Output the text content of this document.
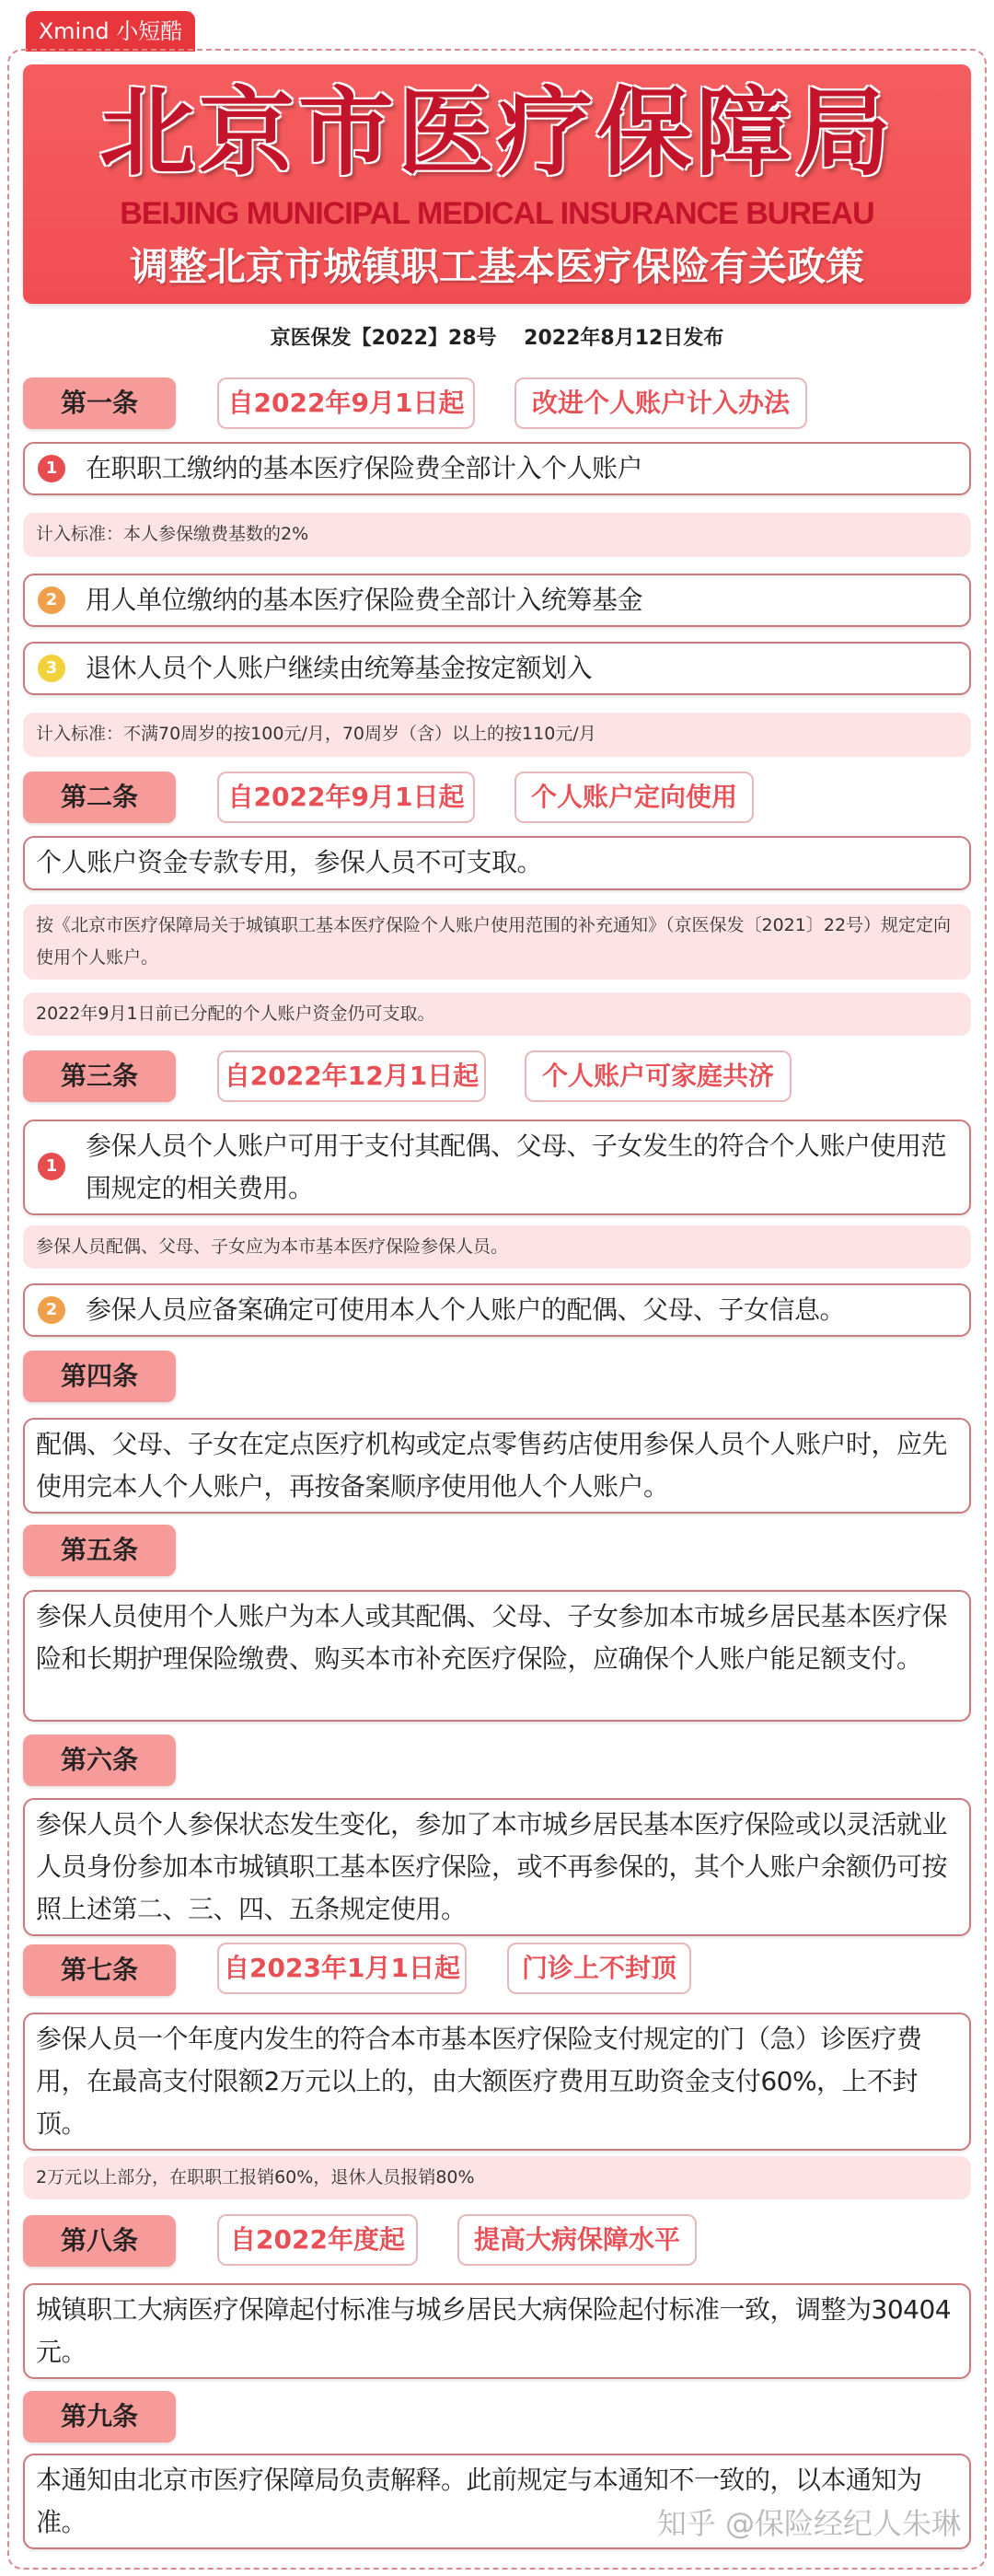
Xmind 小短酷
北京市医疗保障局
BEIJING MUNICIPAL MEDICAL INSURANCE BUREAU
调整北京市城镇职工基本医疗保险有关政策
京医保发【2022】28号　 2022年8月12日发布
第一条	自2022年9月1日起	改进个人账户计入办法
1	在职职工缴纳的基本医疗保险费全部计入个人账户
计入标准：本人参保缴费基数的2%
2	用人单位缴纳的基本医疗保险费全部计入统筹基金
3	退休人员个人账户继续由统筹基金按定额划入
计入标准：不满70周岁的按100元/月，70周岁（含）以上的按110元/月
第二条	自2022年9月1日起	个人账户定向使用
个人账户资金专款专用，参保人员不可支取。
按《北京市医疗保障局关于城镇职工基本医疗保险个人账户使用范围的补充通知》（京医保发〔2021〕22号）规定定向使用个人账户。
2022年9月1日前已分配的个人账户资金仍可支取。
第三条	自2022年12月1日起	个人账户可家庭共济
1
参保人员个人账户可用于支付其配偶、父母、子女发生的符合个人账户使用范围规定的相关费用。
参保人员配偶、父母、子女应为本市基本医疗保险参保人员。
2	参保人员应备案确定可使用本人个人账户的配偶、父母、子女信息。
第四条
配偶、父母、子女在定点医疗机构或定点零售药店使用参保人员个人账户时，应先使用完本人个人账户，再按备案顺序使用他人个人账户。
第五条
参保人员使用个人账户为本人或其配偶、父母、子女参加本市城乡居民基本医疗保险和长期护理保险缴费、购买本市补充医疗保险，应确保个人账户能足额支付。
第六条
参保人员个人参保状态发生变化，参加了本市城乡居民基本医疗保险或以灵活就业人员身份参加本市城镇职工基本医疗保险，或不再参保的，其个人账户余额仍可按照上述第二、三、四、五条规定使用。
第七条	自2023年1月1日起	门诊上不封顶
参保人员一个年度内发生的符合本市基本医疗保险支付规定的门（急）诊医疗费用，在最高支付限额2万元以上的，由大额医疗费用互助资金支付60%，上不封顶。
2万元以上部分，在职职工报销60%，退休人员报销80%
第八条	自2022年度起	提高大病保障水平
城镇职工大病医疗保障起付标准与城乡居民大病保险起付标准一致，调整为30404元。
第九条
本通知由北京市医疗保障局负责解释。此前规定与本通知不一致的，以本通知为准。	知乎 @保险经纪人朱琳
